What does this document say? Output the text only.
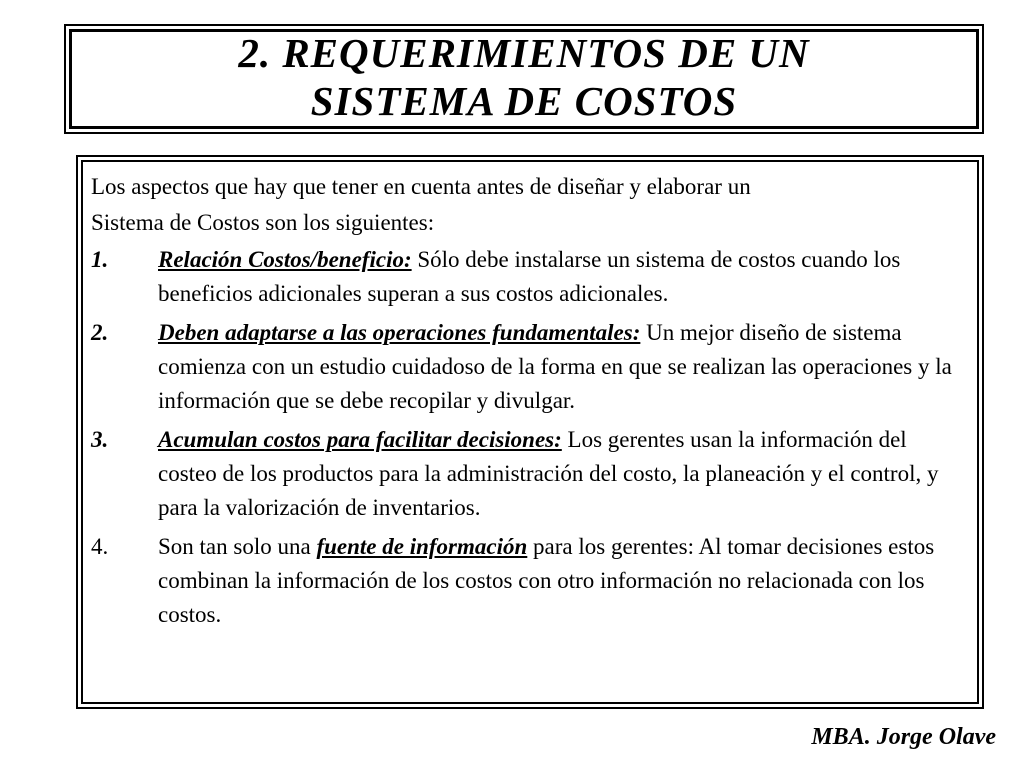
2. REQUERIMIENTOS DE UN
SISTEMA DE COSTOS
Los aspectos que hay que tener en cuenta antes de diseñar y elaborar un
Sistema de Costos son los siguientes:
1.	Relación Costos/beneficio: Sólo debe instalarse un sistema de costos cuando los beneficios adicionales superan a sus costos adicionales.
2.	Deben adaptarse a las operaciones fundamentales: Un mejor diseño de sistema comienza con un estudio cuidadoso de la forma en que se realizan las operaciones y la información que se debe recopilar y divulgar.
3.	Acumulan costos para facilitar decisiones: Los gerentes usan la información del costeo de los productos para la administración del costo, la planeación y el control, y para la valorización de inventarios.
4.	Son tan solo una fuente de información para los gerentes: Al tomar decisiones estos combinan la información de los costos con otro información no relacionada con los costos.
MBA. Jorge Olave
